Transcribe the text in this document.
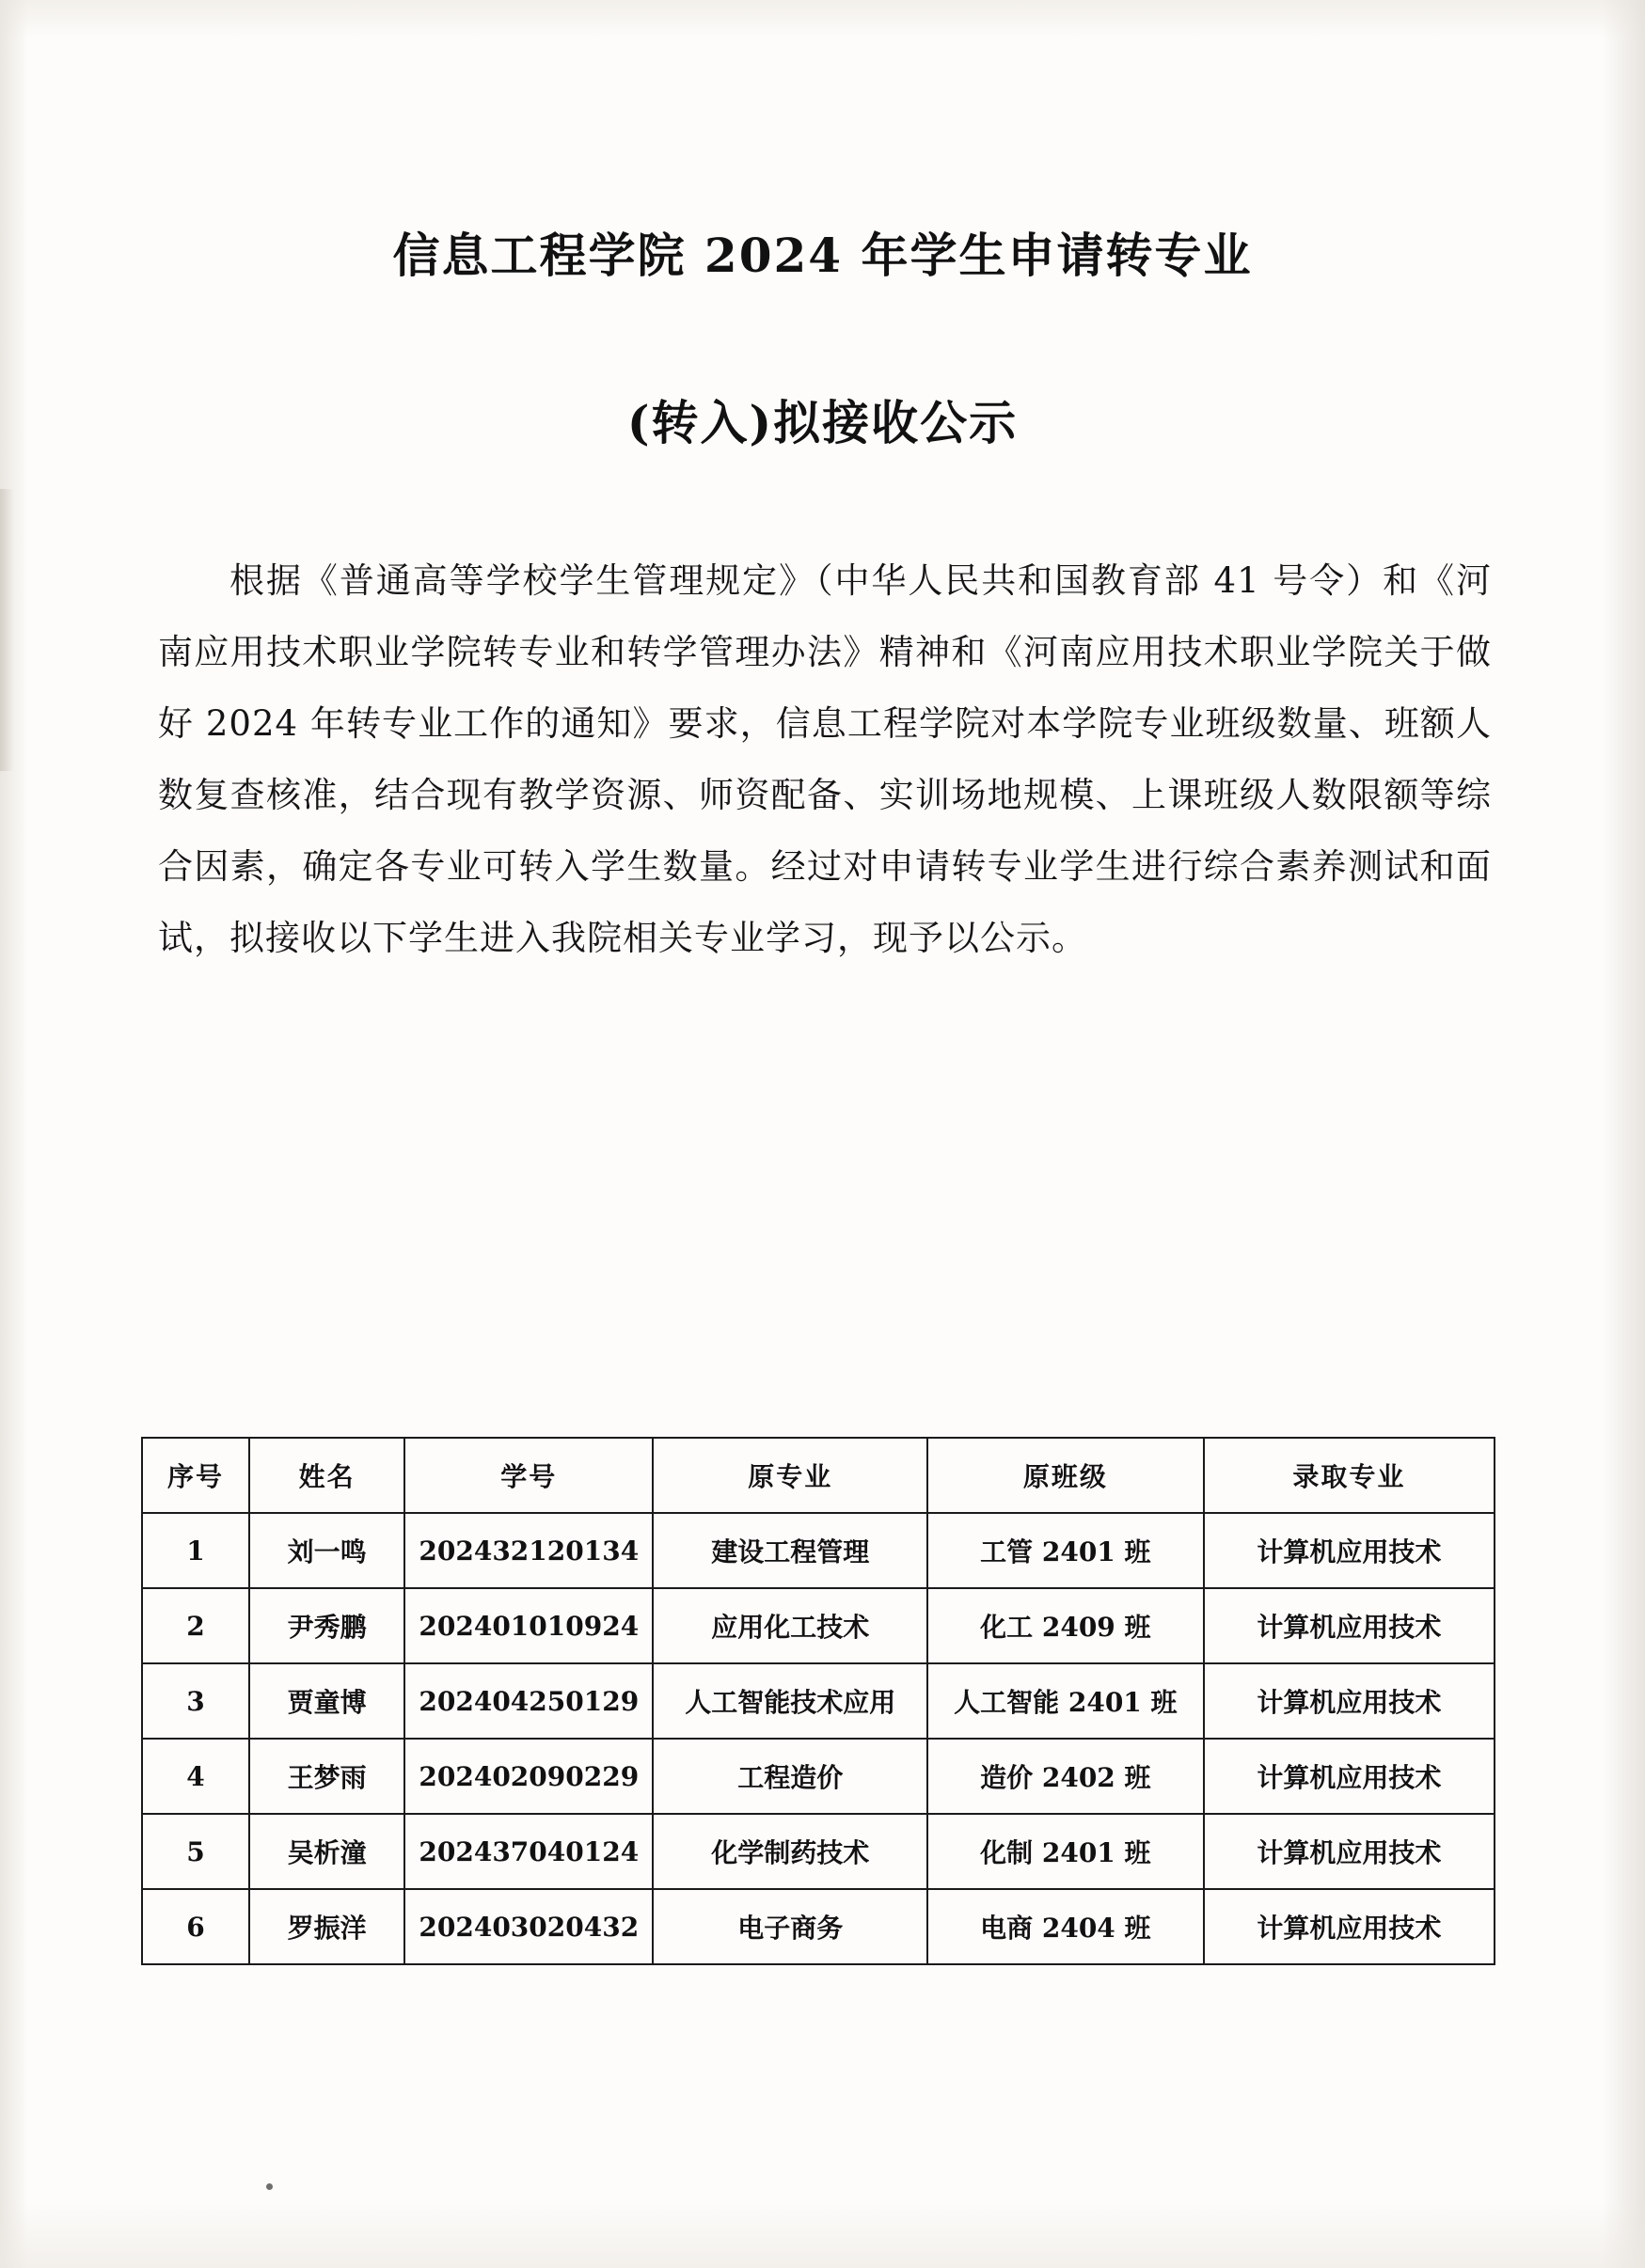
信息工程学院 2024 年学生申请转专业
(转入)拟接收公示

根据《普通高等学校学生管理规定》（中华人民共和国教育部 41 号令）和《河南应用技术职业学院转专业和转学管理办法》精神和《河南应用技术职业学院关于做好 2024 年转专业工作的通知》要求，信息工程学院对本学院专业班级数量、班额人数复查核准，结合现有教学资源、师资配备、实训场地规模、上课班级人数限额等综合因素，确定各专业可转入学生数量。经过对申请转专业学生进行综合素养测试和面试，拟接收以下学生进入我院相关专业学习，现予以公示。

序号	姓名	学号	原专业	原班级	录取专业
1	刘一鸣	202432120134	建设工程管理	工管 2401 班	计算机应用技术
2	尹秀鹏	202401010924	应用化工技术	化工 2409 班	计算机应用技术
3	贾童博	202404250129	人工智能技术应用	人工智能 2401 班	计算机应用技术
4	王梦雨	202402090229	工程造价	造价 2402 班	计算机应用技术
5	吴析潼	202437040124	化学制药技术	化制 2401 班	计算机应用技术
6	罗振洋	202403020432	电子商务	电商 2404 班	计算机应用技术
